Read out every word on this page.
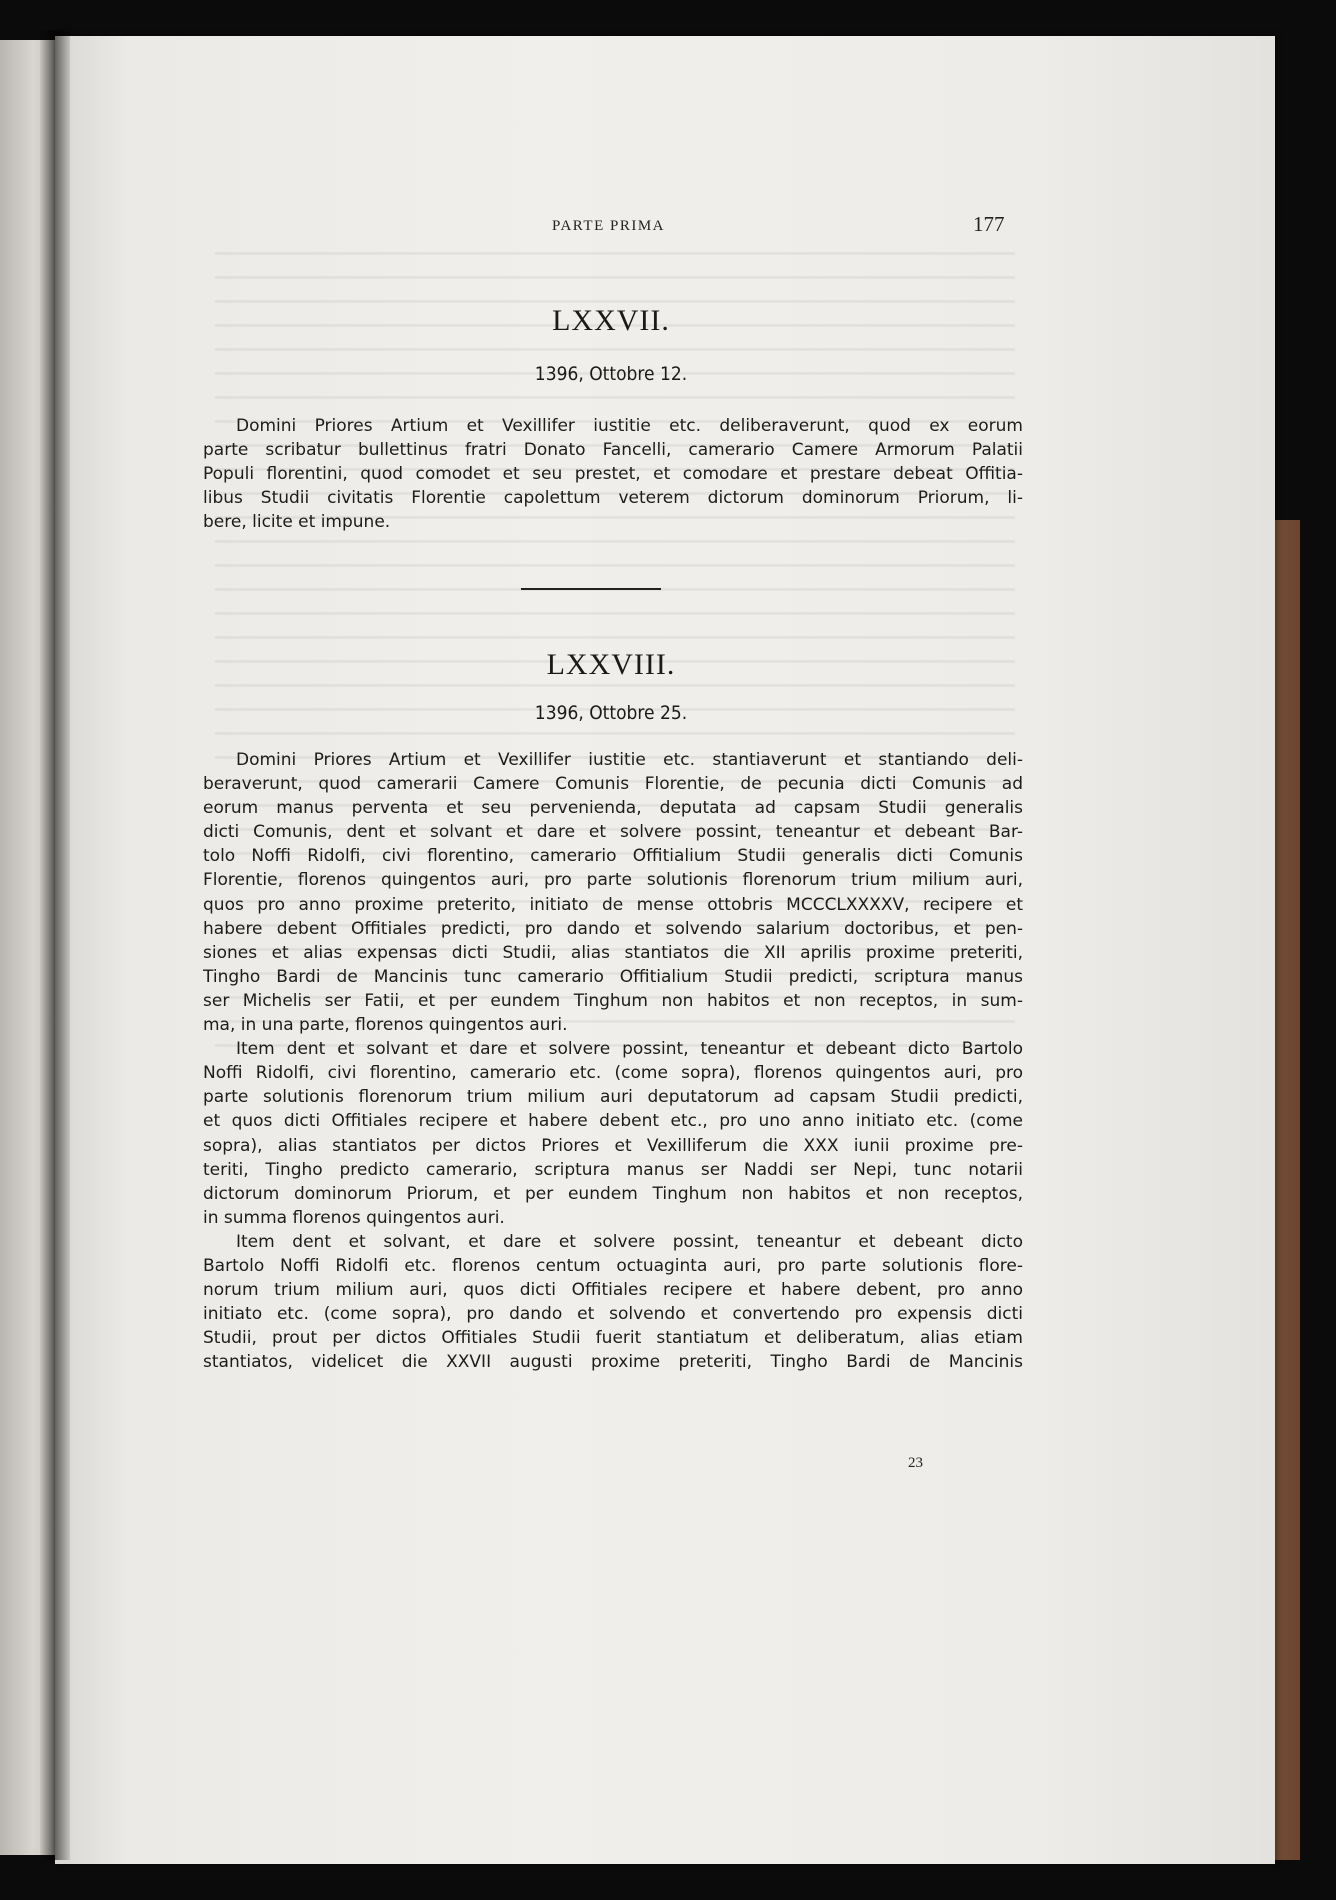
PARTE PRIMA	177
LXXVII.
1396, Ottobre 12.
Domini Priores Artium et Vexillifer iustitie etc. deliberaverunt, quod ex eorum
parte scribatur bullettinus fratri Donato Fancelli, camerario Camere Armorum Palatii
Populi florentini, quod comodet et seu prestet, et comodare et prestare debeat Offitia-
libus Studii civitatis Florentie capolettum veterem dictorum dominorum Priorum, li-
bere, licite et impune.
LXXVIII.
1396, Ottobre 25.
Domini Priores Artium et Vexillifer iustitie etc. stantiaverunt et stantiando deli-
beraverunt, quod camerarii Camere Comunis Florentie, de pecunia dicti Comunis ad
eorum manus perventa et seu pervenienda, deputata ad capsam Studii generalis
dicti Comunis, dent et solvant et dare et solvere possint, teneantur et debeant Bar-
tolo Noffi Ridolfi, civi florentino, camerario Offitialium Studii generalis dicti Comunis
Florentie, florenos quingentos auri, pro parte solutionis florenorum trium milium auri,
quos pro anno proxime preterito, initiato de mense ottobris MCCCLXXXXV, recipere et
habere debent Offitiales predicti, pro dando et solvendo salarium doctoribus, et pen-
siones et alias expensas dicti Studii, alias stantiatos die XII aprilis proxime preteriti,
Tingho Bardi de Mancinis tunc camerario Offitialium Studii predicti, scriptura manus
ser Michelis ser Fatii, et per eundem Tinghum non habitos et non receptos, in sum-
ma, in una parte, florenos quingentos auri.
Item dent et solvant et dare et solvere possint, teneantur et debeant dicto Bartolo
Noffi Ridolfi, civi florentino, camerario etc. (come sopra), florenos quingentos auri, pro
parte solutionis florenorum trium milium auri deputatorum ad capsam Studii predicti,
et quos dicti Offitiales recipere et habere debent etc., pro uno anno initiato etc. (come
sopra), alias stantiatos per dictos Priores et Vexilliferum die XXX iunii proxime pre-
teriti, Tingho predicto camerario, scriptura manus ser Naddi ser Nepi, tunc notarii
dictorum dominorum Priorum, et per eundem Tinghum non habitos et non receptos,
in summa florenos quingentos auri.
Item dent et solvant, et dare et solvere possint, teneantur et debeant dicto
Bartolo Noffi Ridolfi etc. florenos centum octuaginta auri, pro parte solutionis flore-
norum trium milium auri, quos dicti Offitiales recipere et habere debent, pro anno
initiato etc. (come sopra), pro dando et solvendo et convertendo pro expensis dicti
Studii, prout per dictos Offitiales Studii fuerit stantiatum et deliberatum, alias etiam
stantiatos, videlicet die XXVII augusti proxime preteriti, Tingho Bardi de Mancinis
23
